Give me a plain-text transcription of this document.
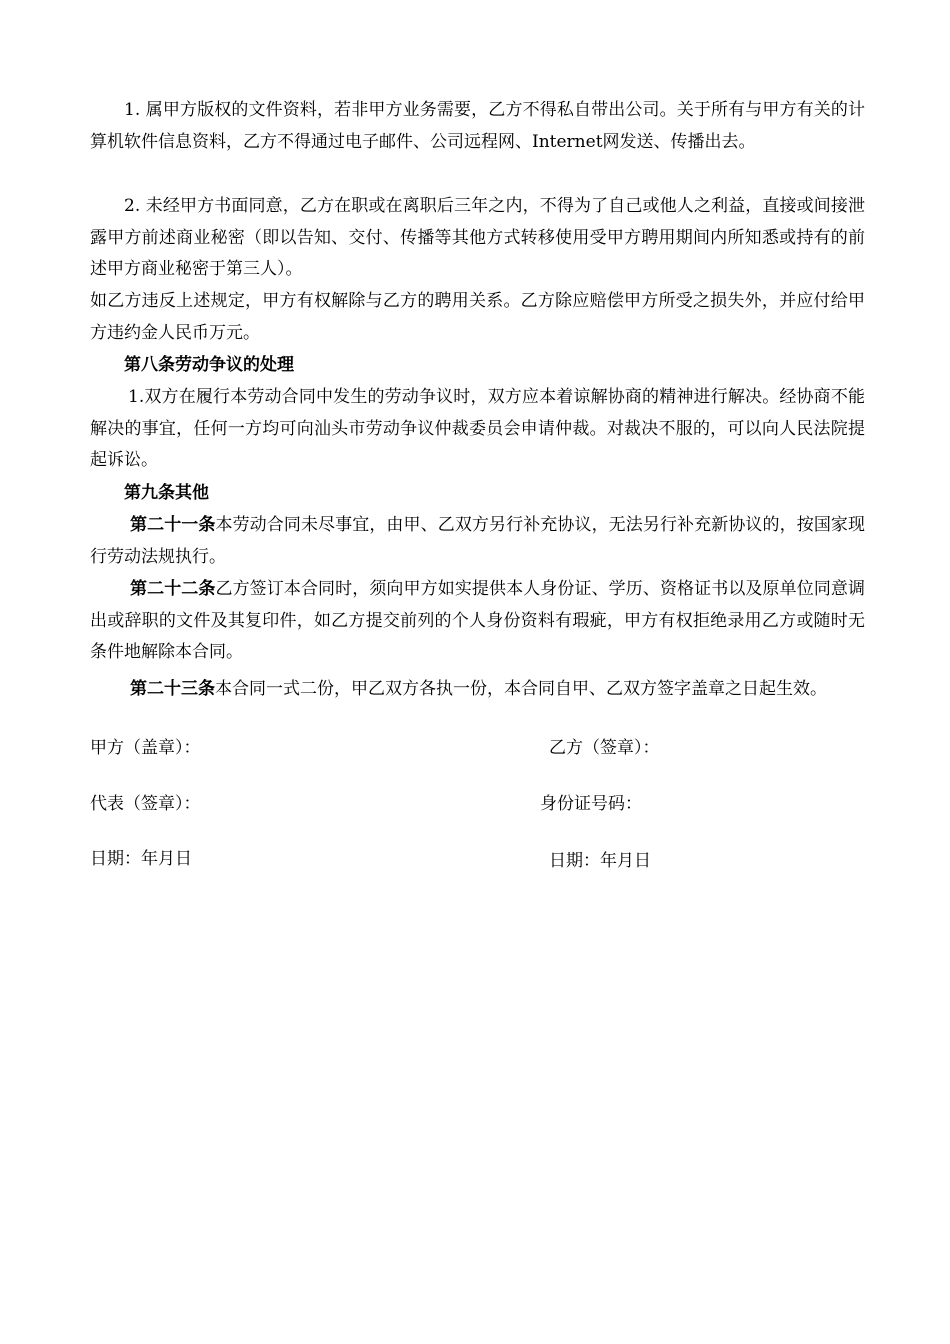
1. 属甲方版权的文件资料，若非甲方业务需要，乙方不得私自带出公司。关于所有与甲方有关的计算机软件信息资料，乙方不得通过电子邮件、公司远程网、Internet网发送、传播出去。

2. 未经甲方书面同意，乙方在职或在离职后三年之内，不得为了自己或他人之利益，直接或间接泄露甲方前述商业秘密（即以告知、交付、传播等其他方式转移使用受甲方聘用期间内所知悉或持有的前述甲方商业秘密于第三人）。

如乙方违反上述规定，甲方有权解除与乙方的聘用关系。乙方除应赔偿甲方所受之损失外，并应付给甲方违约金人民币万元。

第八条劳动争议的处理

1.双方在履行本劳动合同中发生的劳动争议时，双方应本着谅解协商的精神进行解决。经协商不能解决的事宜，任何一方均可向汕头市劳动争议仲裁委员会申请仲裁。对裁决不服的，可以向人民法院提起诉讼。

第九条其他

第二十一条本劳动合同未尽事宜，由甲、乙双方另行补充协议，无法另行补充新协议的，按国家现行劳动法规执行。

第二十二条乙方签订本合同时，须向甲方如实提供本人身份证、学历、资格证书以及原单位同意调出或辞职的文件及其复印件，如乙方提交前列的个人身份资料有瑕疵，甲方有权拒绝录用乙方或随时无条件地解除本合同。

第二十三条本合同一式二份，甲乙双方各执一份，本合同自甲、乙双方签字盖章之日起生效。

甲方（盖章）：	乙方（签章）：

代表（签章）：	身份证号码：

日期：年月日	日期：年月日
